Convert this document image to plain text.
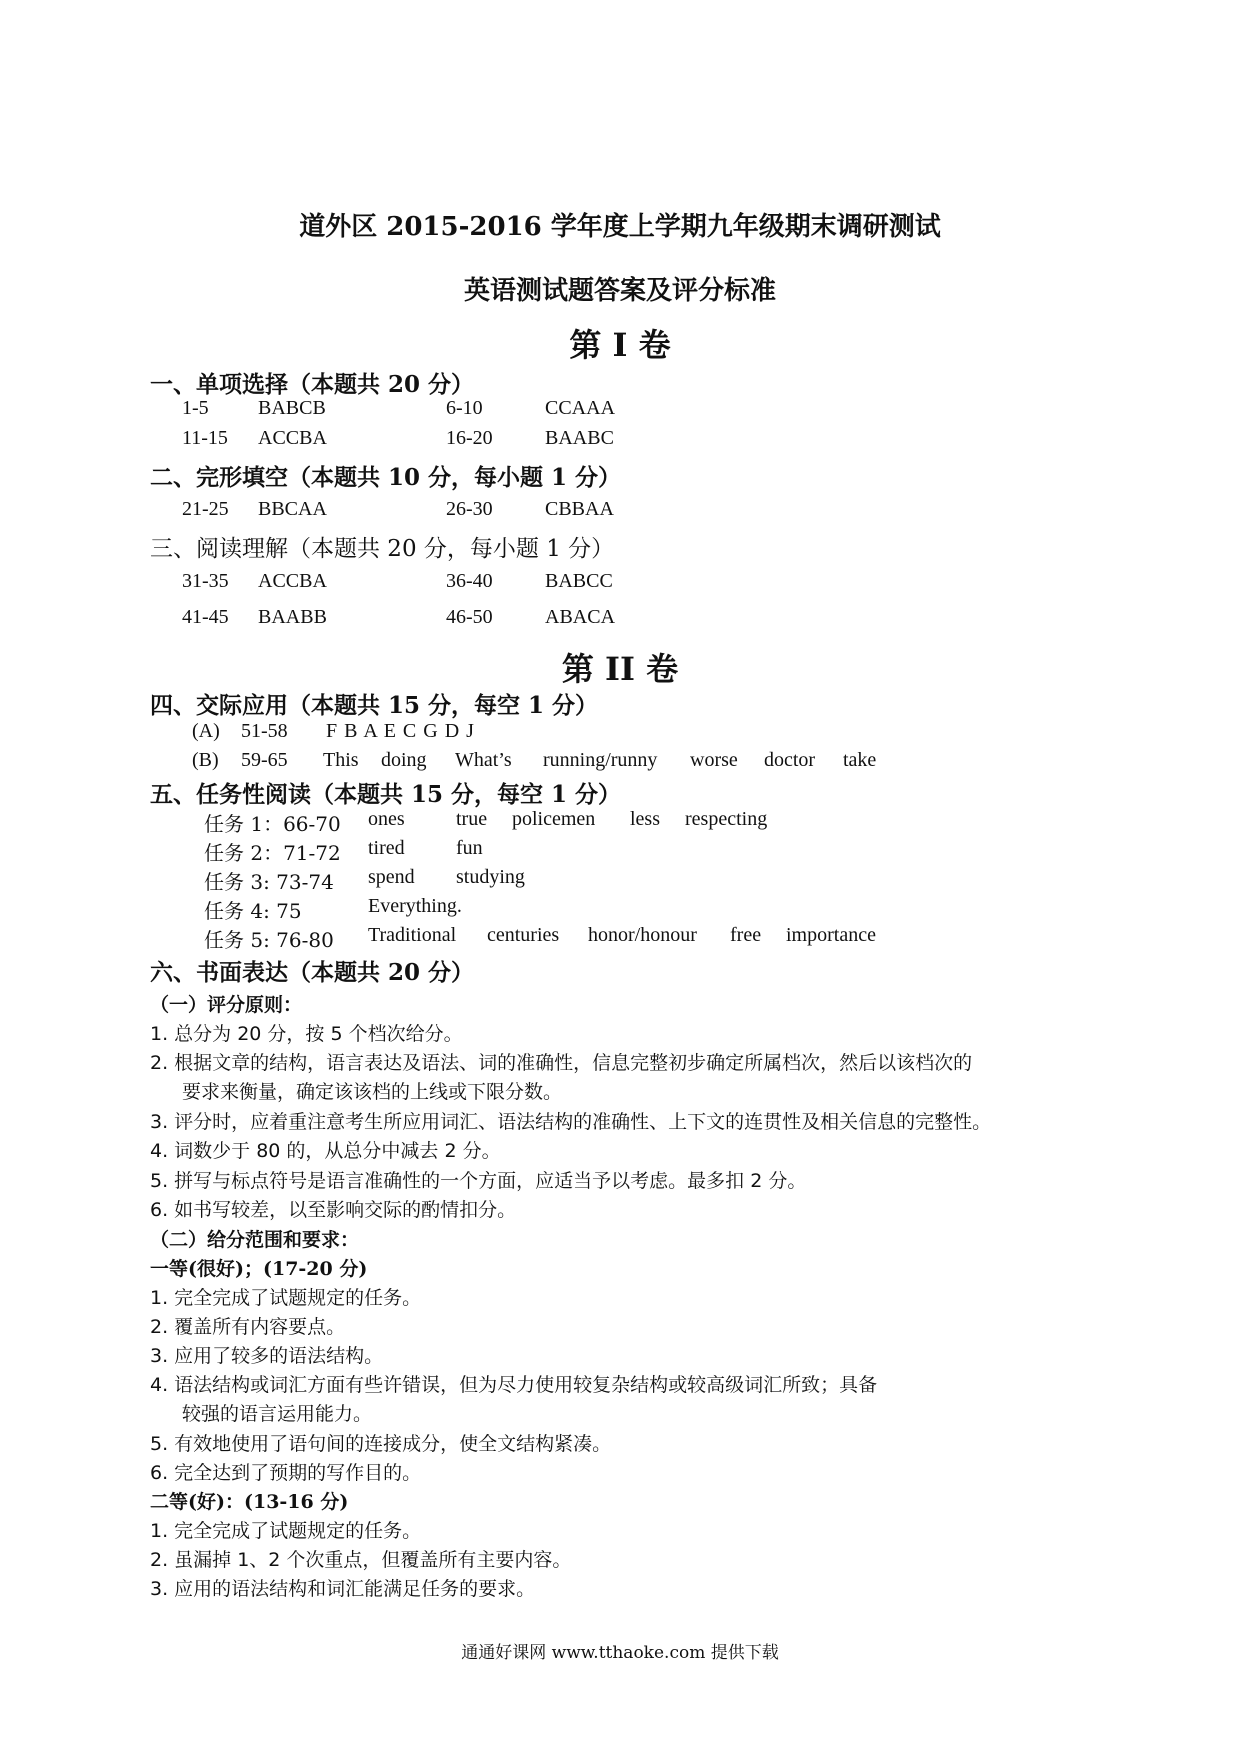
道外区 2015-2016 学年度上学期九年级期末调研测试
英语测试题答案及评分标准
第 I 卷
一、单项选择（本题共 20 分）
1-5 BABCB	6-10	CCAAA
11-15 ACCBA	16-20	BAABC
二、完形填空（本题共 10 分，每小题 1 分）
21-25 BBCAA	26-30	CBBAA
三、阅读理解（本题共 20 分，每小题 1 分）
31-35 ACCBA	36-40	BABCC
41-45 BAABB	46-50	ABACA
第 II 卷
四、交际应用（本题共 15 分，每空 1 分）
(A) 51-58 F B A E C G D J
(B) 59-65 This doing What’s running/runny worse doctor take
五、任务性阅读（本题共 15 分，每空 1 分）
任务 1：66-70 ones	true policemen less respecting
任务 2：71-72 tired	fun
任务 3: 73-74 spend studying
任务 4: 75	Everything.
任务 5: 76-80 Traditional centuries honor/honour free importance
六、书面表达（本题共 20 分）
（一）评分原则：
1. 总分为 20 分，按 5 个档次给分。
2. 根据文章的结构，语言表达及语法、词的准确性，信息完整初步确定所属档次，然后以该档次的
要求来衡量，确定该该档的上线或下限分数。
3. 评分时，应着重注意考生所应用词汇、语法结构的准确性、上下文的连贯性及相关信息的完整性。
4. 词数少于 80 的，从总分中减去 2 分。
5. 拼写与标点符号是语言准确性的一个方面，应适当予以考虑。最多扣 2 分。
6. 如书写较差，以至影响交际的酌情扣分。
（二）给分范围和要求：
一等(很好)；(17-20 分)
1. 完全完成了试题规定的任务。
2. 覆盖所有内容要点。
3. 应用了较多的语法结构。
4. 语法结构或词汇方面有些许错误，但为尽力使用较复杂结构或较高级词汇所致；具备
较强的语言运用能力。
5. 有效地使用了语句间的连接成分，使全文结构紧凑。
6. 完全达到了预期的写作目的。
二等(好)：(13-16 分)
1. 完全完成了试题规定的任务。
2. 虽漏掉 1、2 个次重点，但覆盖所有主要内容。
3. 应用的语法结构和词汇能满足任务的要求。
通通好课网 www.tthaoke.com 提供下载
